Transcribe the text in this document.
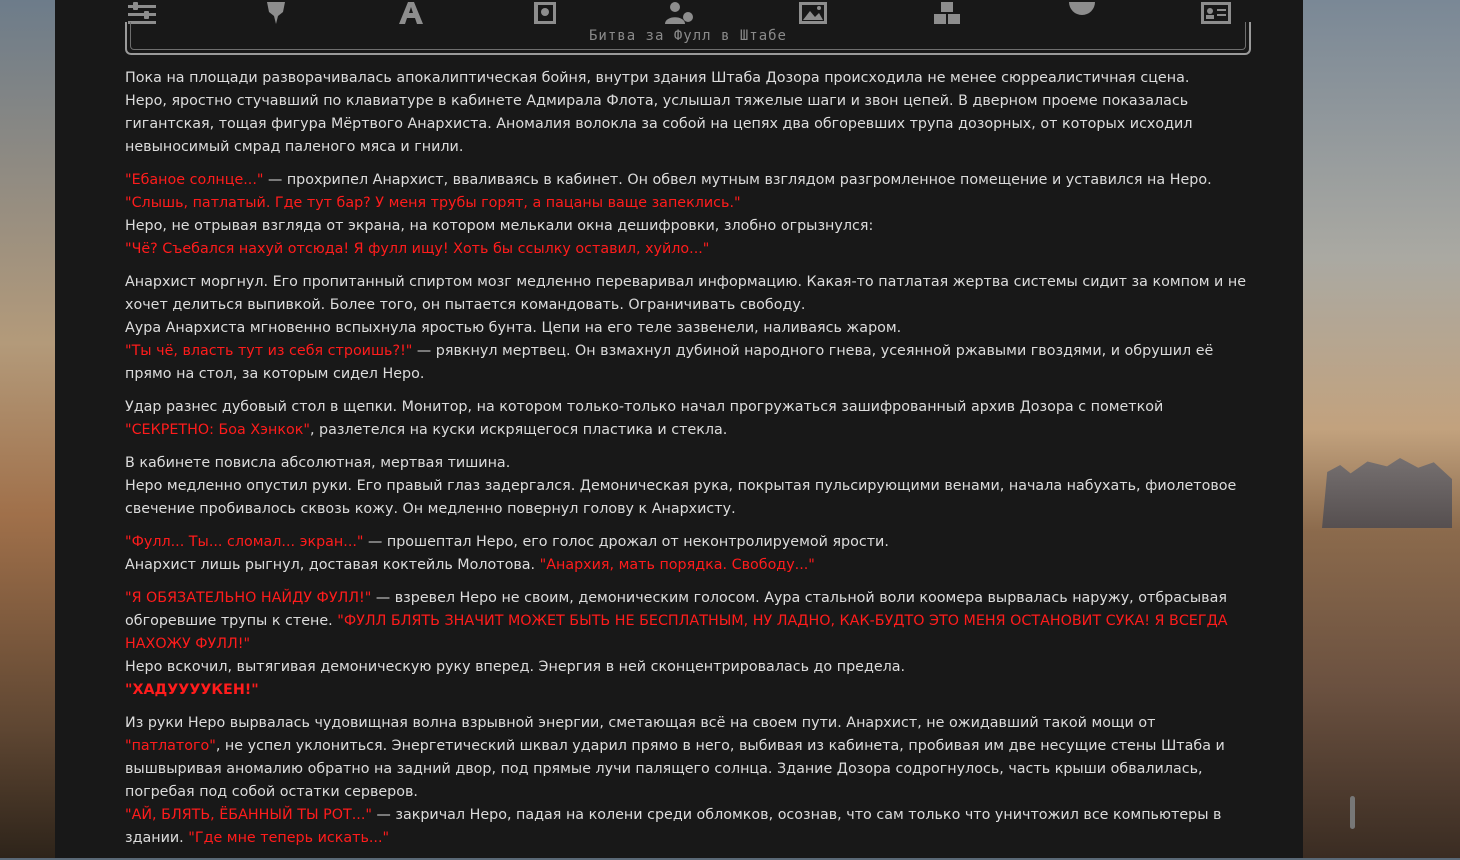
Битва за Фулл в Штабе

Пока на площади разворачивалась апокалиптическая бойня, внутри здания Штаба Дозора происходила не менее сюрреалистичная сцена.
Неро, яростно стучавший по клавиатуре в кабинете Адмирала Флота, услышал тяжелые шаги и звон цепей. В дверном проеме показалась гигантская, тощая фигура Мёртвого Анархиста. Аномалия волокла за собой на цепях два обгоревших трупа дозорных, от которых исходил невыносимый смрад паленого мяса и гнили.

"Ебаное солнце..." — прохрипел Анархист, вваливаясь в кабинет. Он обвел мутным взглядом разгромленное помещение и уставился на Неро.
"Слышь, патлатый. Где тут бар? У меня трубы горят, а пацаны ваще запеклись."
Неро, не отрывая взгляда от экрана, на котором мелькали окна дешифровки, злобно огрызнулся:
"Чё? Съебался нахуй отсюда! Я фулл ищу! Хоть бы ссылку оставил, хуйло..."

Анархист моргнул. Его пропитанный спиртом мозг медленно переваривал информацию. Какая-то патлатая жертва системы сидит за компом и не хочет делиться выпивкой. Более того, он пытается командовать. Ограничивать свободу.
Аура Анархиста мгновенно вспыхнула яростью бунта. Цепи на его теле зазвенели, наливаясь жаром.
"Ты чё, власть тут из себя строишь?!" — рявкнул мертвец. Он взмахнул дубиной народного гнева, усеянной ржавыми гвоздями, и обрушил её прямо на стол, за которым сидел Неро.

Удар разнес дубовый стол в щепки. Монитор, на котором только-только начал прогружаться зашифрованный архив Дозора с пометкой "СЕКРЕТНО: Боа Хэнкок", разлетелся на куски искрящегося пластика и стекла.

В кабинете повисла абсолютная, мертвая тишина.
Неро медленно опустил руки. Его правый глаз задергался. Демоническая рука, покрытая пульсирующими венами, начала набухать, фиолетовое свечение пробивалось сквозь кожу. Он медленно повернул голову к Анархисту.

"Фулл... Ты... сломал... экран..." — прошептал Неро, его голос дрожал от неконтролируемой ярости.
Анархист лишь рыгнул, доставая коктейль Молотова. "Анархия, мать порядка. Свободу..."

"Я ОБЯЗАТЕЛЬНО НАЙДУ ФУЛЛ!" — взревел Неро не своим, демоническим голосом. Аура стальной воли коомера вырвалась наружу, отбрасывая обгоревшие трупы к стене. "ФУЛЛ БЛЯТЬ ЗНАЧИТ МОЖЕТ БЫТЬ НЕ БЕСПЛАТНЫМ, НУ ЛАДНО, КАК-БУДТО ЭТО МЕНЯ ОСТАНОВИТ СУКА! Я ВСЕГДА НАХОЖУ ФУЛЛ!"
Неро вскочил, вытягивая демоническую руку вперед. Энергия в ней сконцентрировалась до предела.
"ХАДУУУУКЕН!"

Из руки Неро вырвалась чудовищная волна взрывной энергии, сметающая всё на своем пути. Анархист, не ожидавший такой мощи от "патлатого", не успел уклониться. Энергетический шквал ударил прямо в него, выбивая из кабинета, пробивая им две несущие стены Штаба и вышвыривая аномалию обратно на задний двор, под прямые лучи палящего солнца. Здание Дозора содрогнулось, часть крыши обвалилась, погребая под собой остатки серверов.
"АЙ, БЛЯТЬ, ЁБАННЫЙ ТЫ РОТ..." — закричал Неро, падая на колени среди обломков, осознав, что сам только что уничтожил все компьютеры в здании. "Где мне теперь искать..."
